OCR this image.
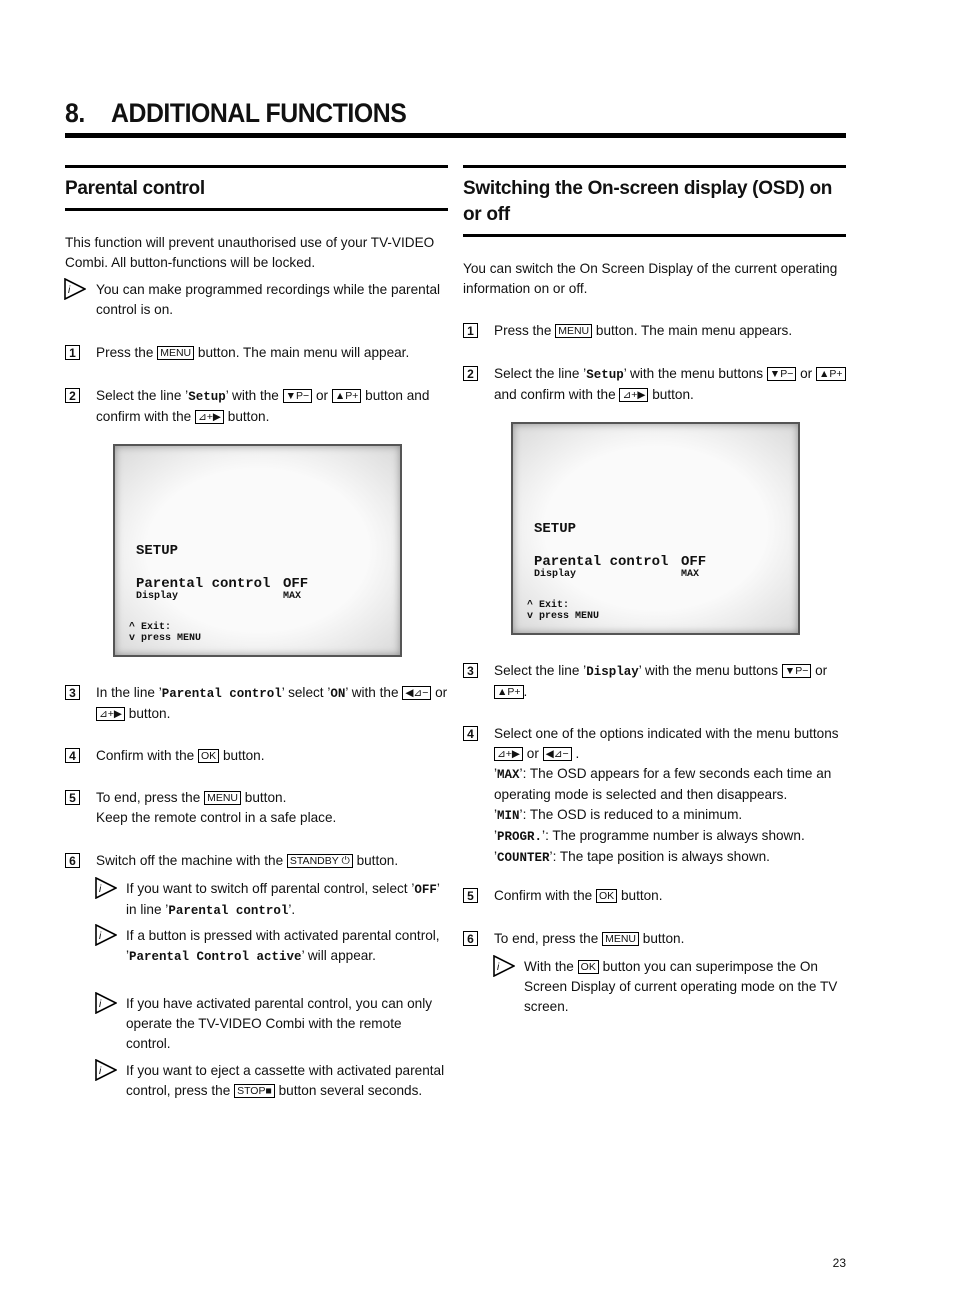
8. ADDITIONAL FUNCTIONS
Parental control
This function will prevent unauthorised use of your TV-VIDEO Combi. All button-functions will be locked.
i You can make programmed recordings while the parental control is on.
1	Press the MENU button. The main menu will appear.
2	Select the line ’Setup’ with the ▼P− or ▲P+ button and confirm with the ⊿+▶ button.
SETUP
Parental control OFF
Display	MAX
^ Exit:
v press MENU
3	In the line ’Parental control’ select ’ON’ with the ◀⊿− or ⊿+▶ button.
4	Confirm with the OK button.
5	To end, press the MENU button.
Keep the remote control in a safe place.
6	Switch off the machine with the STANDBY ⏻ button.
i If you want to switch off parental control, select ’OFF’ in line ’Parental control’.
i If a button is pressed with activated parental control, ’Parental Control active’ will appear.
i If you have activated parental control, you can only operate the TV-VIDEO Combi with the remote control.
i If you want to eject a cassette with activated parental control, press the STOP■ button several seconds.
Switching the On-screen display (OSD) on or off
You can switch the On Screen Display of the current operating information on or off.
1	Press the MENU button. The main menu appears.
2	Select the line ’Setup’ with the menu buttons ▼P− or ▲P+ and confirm with the ⊿+▶ button.
SETUP
Parental control OFF
Display	MAX
^ Exit:
v press MENU
3	Select the line ’Display’ with the menu buttons ▼P− or ▲P+ .
4	Select one of the options indicated with the menu buttons ⊿+▶ or ◀⊿− .
’MAX’: The OSD appears for a few seconds each time an operating mode is selected and then disappears.
’MIN’: The OSD is reduced to a minimum.
’PROGR.’: The programme number is always shown.
’COUNTER’: The tape position is always shown.
5	Confirm with the OK button.
6	To end, press the MENU button.
i With the OK button you can superimpose the On Screen Display of current operating mode on the TV screen.
23
